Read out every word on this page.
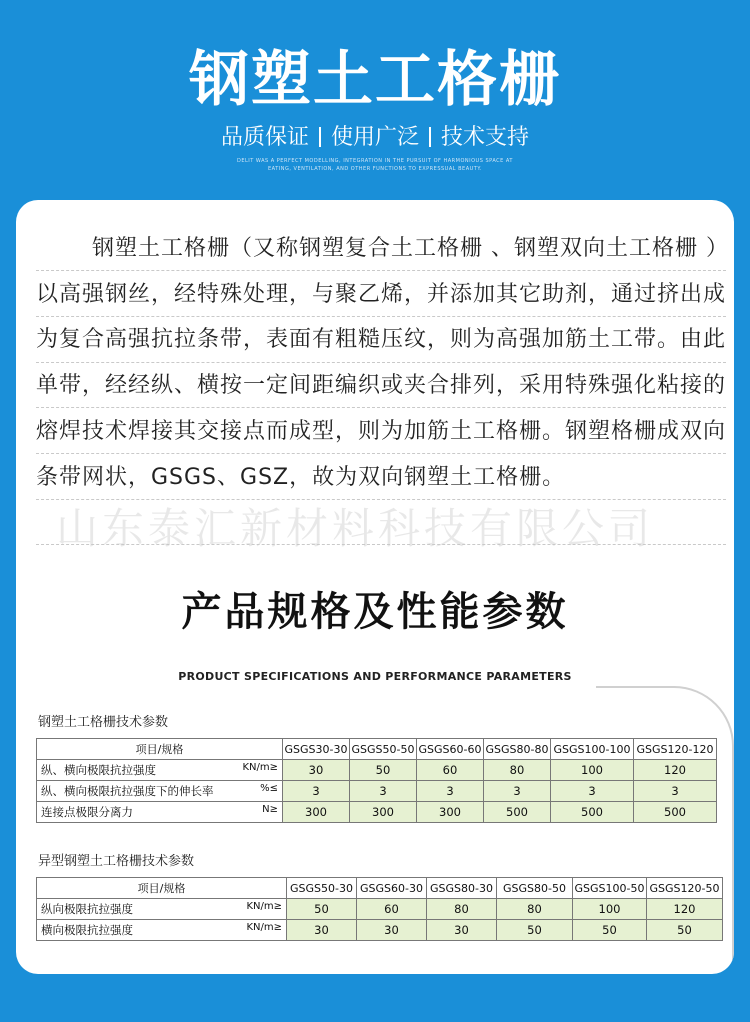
钢塑土工格栅
品质保证 使用广泛 技术支持
DELIT WAS A PERFECT MODELLING, INTEGRATION IN THE PURSUIT OF HARMONIOUS SPACE AT
EATING, VENTILATION, AND OTHER FUNCTIONS TO EXPRESSUAL BEAUTY.
钢塑土工格栅（又称钢塑复合土工格栅 、钢塑双向土工格栅 ）以高强钢丝，经特殊处理，与聚乙烯，并添加其它助剂，通过挤出成为复合高强抗拉条带，表面有粗糙压纹，则为高强加筋土工带。由此单带，经经纵、横按一定间距编织或夹合排列，采用特殊强化粘接的熔焊技术焊接其交接点而成型，则为加筋土工格栅。钢塑格栅成双向条带网状，GSGS、GSZ，故为双向钢塑土工格栅。
山东泰汇新材料科技有限公司
产品规格及性能参数
PRODUCT SPECIFICATIONS AND PERFORMANCE PARAMETERS
钢塑土工格栅技术参数
项目/规格	GSGS30-30	GSGS50-50	GSGS60-60	GSGS80-80	GSGS100-100	GSGS120-120
纵、横向极限抗拉强度 KN/m≥	30	50	60	80	100	120
纵、横向极限抗拉强度下的伸长率 %≤	3	3	3	3	3	3
连接点极限分离力 N≥	300	300	300	500	500	500
异型钢塑土工格栅技术参数
项目/规格	GSGS50-30	GSGS60-30	GSGS80-30	GSGS80-50	GSGS100-50	GSGS120-50
纵向极限抗拉强度 KN/m≥	50	60	80	80	100	120
横向极限抗拉强度 KN/m≥	30	30	30	50	50	50
